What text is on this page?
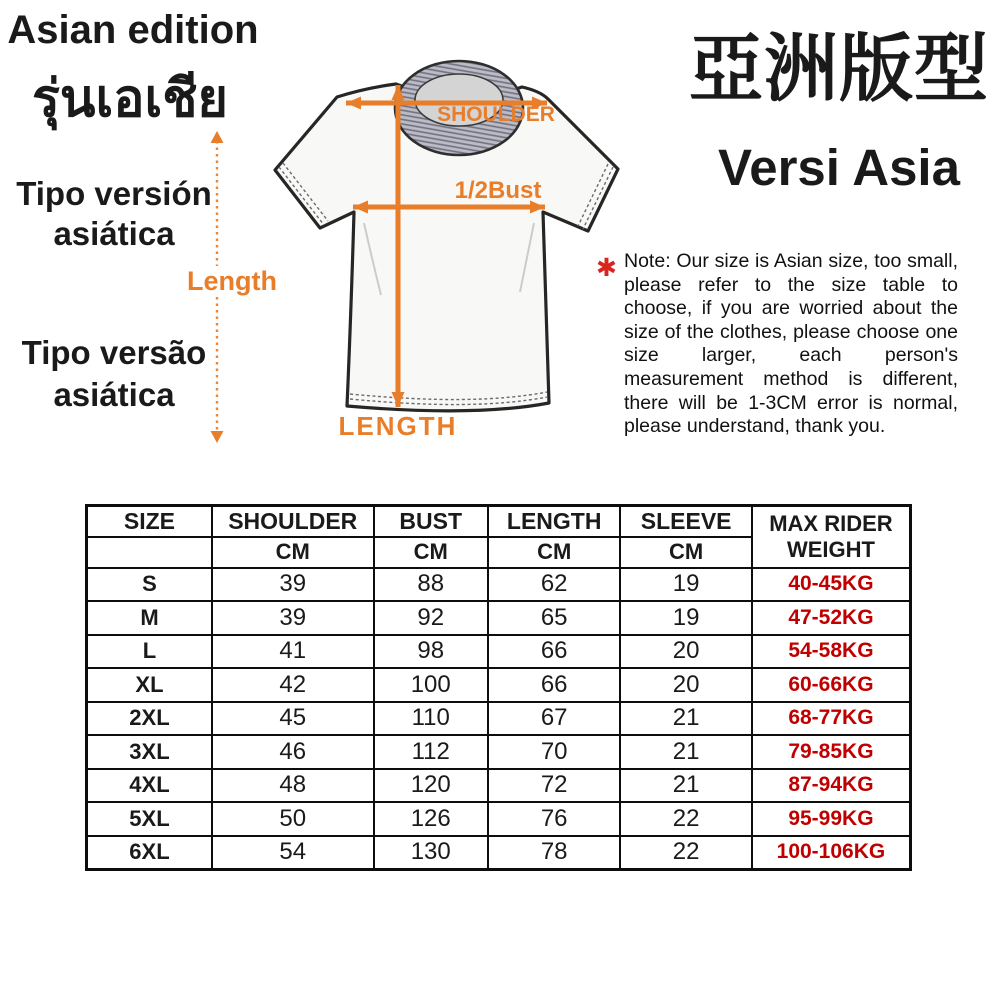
Asian edition
รุ่นเอเชีย
Tipo versión
asiática
Tipo versão
asiática
Length
SHOULDER
1/2Bust
LENGTH
亞洲版型
Versi Asia
✱ Note: Our size is Asian size, too small, please refer to the size table to choose, if you are worried about the size of the clothes, please choose one size larger, each person's measurement method is different, there will be 1-3CM error is normal, please understand, thank you.
SIZE	SHOULDER	BUST	LENGTH	SLEEVE	MAX RIDER
WEIGHT

	CM	CM	CM	CM	
S	39	88	62	19	40-45KG
M	39	92	65	19	47-52KG
L	41	98	66	20	54-58KG
XL	42	100	66	20	60-66KG
2XL	45	110	67	21	68-77KG
3XL	46	112	70	21	79-85KG
4XL	48	120	72	21	87-94KG
5XL	50	126	76	22	95-99KG
6XL	54	130	78	22	100-106KG
